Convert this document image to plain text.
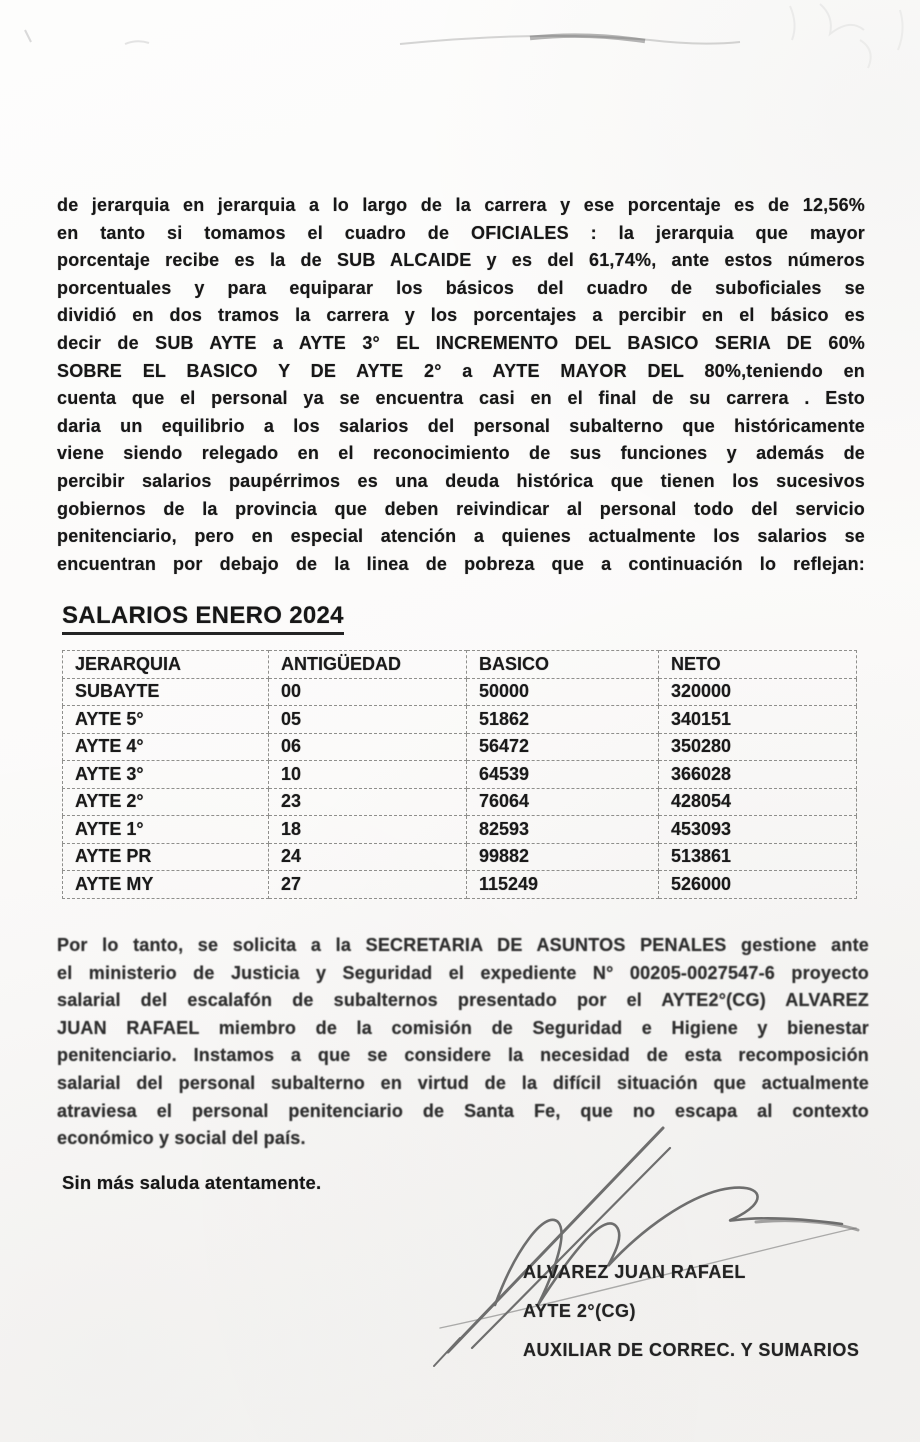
de jerarquia en jerarquia a lo largo de la carrera y ese porcentaje es de 12,56%
en tanto si tomamos el cuadro de OFICIALES : la jerarquia que mayor
porcentaje recibe es la de SUB ALCAIDE y es del 61,74%, ante estos números
porcentuales y para equiparar los básicos del cuadro de suboficiales se
dividió en dos tramos la carrera y los porcentajes a percibir en el básico es
decir de SUB AYTE a AYTE 3° EL INCREMENTO DEL BASICO SERIA DE 60%
SOBRE EL BASICO Y DE AYTE 2° a AYTE MAYOR DEL 80%,teniendo en
cuenta que el personal ya se encuentra casi en el final de su carrera . Esto
daria un equilibrio a los salarios del personal subalterno que históricamente
viene siendo relegado en el reconocimiento de sus funciones y además de
percibir salarios paupérrimos es una deuda histórica que tienen los sucesivos
gobiernos de la provincia que deben reivindicar al personal todo del servicio
penitenciario, pero en especial atención a quienes actualmente los salarios se
encuentran por debajo de la linea de pobreza que a continuación lo reflejan:
SALARIOS ENERO 2024
JERARQUIA	ANTIGÜEDAD	BASICO	NETO
SUBAYTE	00	50000	320000
AYTE 5°	05	51862	340151
AYTE 4°	06	56472	350280
AYTE 3°	10	64539	366028
AYTE 2°	23	76064	428054
AYTE 1°	18	82593	453093
AYTE PR	24	99882	513861
AYTE MY	27	115249	526000
Por lo tanto, se solicita a la SECRETARIA DE ASUNTOS PENALES gestione ante
el ministerio de Justicia y Seguridad el expediente N° 00205-0027547-6 proyecto
salarial del escalafón de subalternos presentado por el AYTE2°(CG) ALVAREZ
JUAN RAFAEL miembro de la comisión de Seguridad e Higiene y bienestar
penitenciario. Instamos a que se considere la necesidad de esta recomposición
salarial del personal subalterno en virtud de la difícil situación que actualmente
atraviesa el personal penitenciario de Santa Fe, que no escapa al contexto
económico y social del país.
Sin más saluda atentamente.
ALVAREZ JUAN RAFAEL
AYTE 2°(CG)
AUXILIAR DE CORREC. Y SUMARIOS
